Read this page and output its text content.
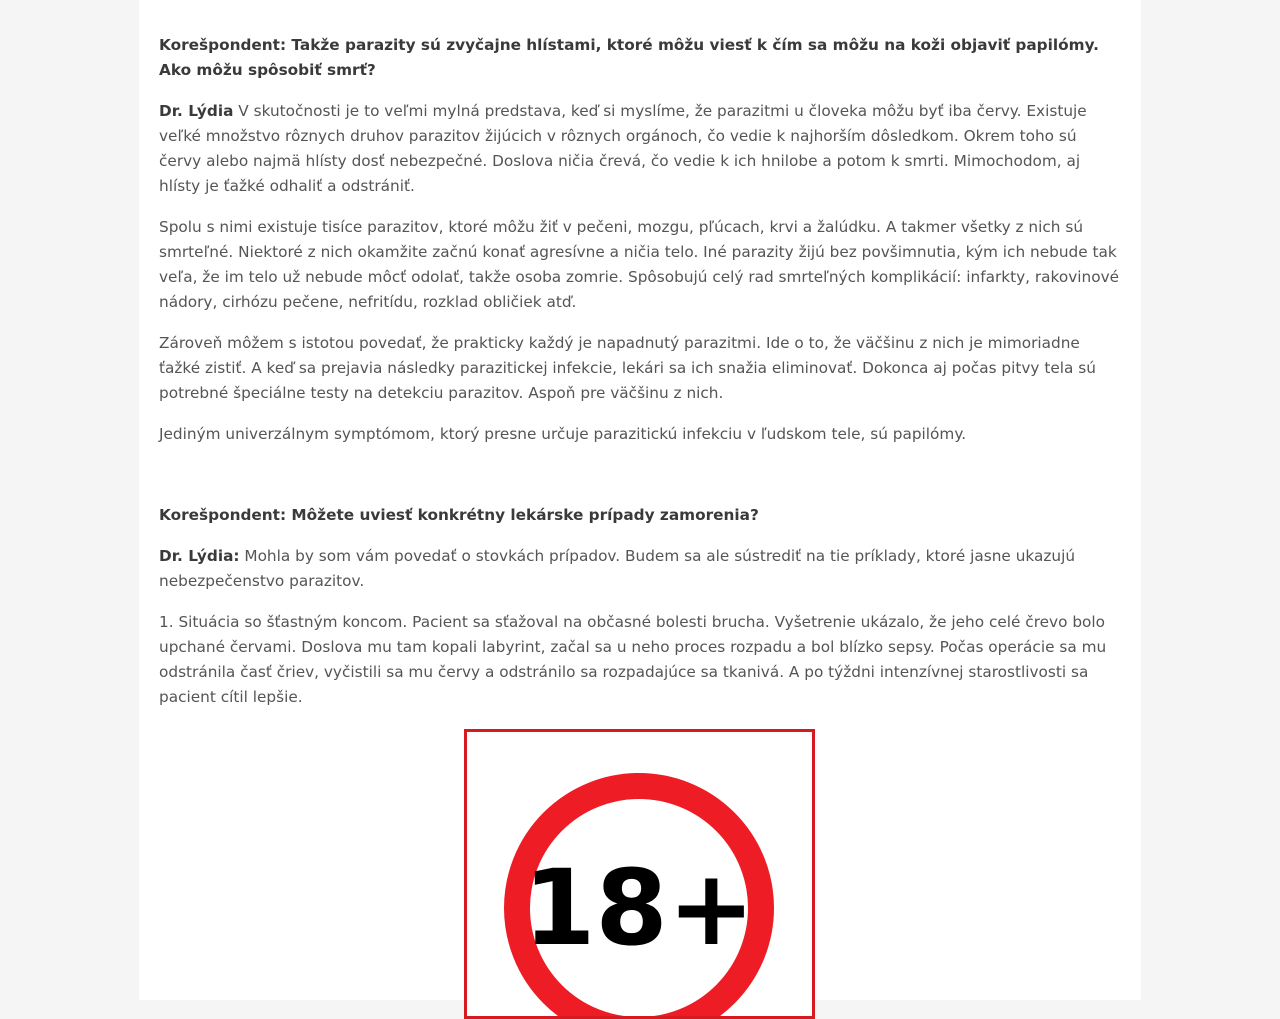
Korešpondent: Takže parazity sú zvyčajne hlístami, ktoré môžu viesť k čím sa môžu na koži objaviť papilómy. Ako môžu spôsobiť smrť?

Dr. Lýdia V skutočnosti je to veľmi mylná predstava, keď si myslíme, že parazitmi u človeka môžu byť iba červy. Existuje veľké množstvo rôznych druhov parazitov žijúcich v rôznych orgánoch, čo vedie k najhorším dôsledkom. Okrem toho sú červy alebo najmä hlísty dosť nebezpečné. Doslova ničia črevá, čo vedie k ich hnilobe a potom k smrti. Mimochodom, aj hlísty je ťažké odhaliť a odstrániť.

Spolu s nimi existuje tisíce parazitov, ktoré môžu žiť v pečeni, mozgu, pľúcach, krvi a žalúdku. A takmer všetky z nich sú smrteľné. Niektoré z nich okamžite začnú konať agresívne a ničia telo. Iné parazity žijú bez povšimnutia, kým ich nebude tak veľa, že im telo už nebude môcť odolať, takže osoba zomrie. Spôsobujú celý rad smrteľných komplikácií: infarkty, rakovinové nádory, cirhózu pečene, nefritídu, rozklad obličiek atď.

Zároveň môžem s istotou povedať, že prakticky každý je napadnutý parazitmi. Ide o to, že väčšinu z nich je mimoriadne ťažké zistiť. A keď sa prejavia následky parazitickej infekcie, lekári sa ich snažia eliminovať. Dokonca aj počas pitvy tela sú potrebné špeciálne testy na detekciu parazitov. Aspoň pre väčšinu z nich.

Jediným univerzálnym symptómom, ktorý presne určuje parazitickú infekciu v ľudskom tele, sú papilómy.

Korešpondent: Môžete uviesť konkrétny lekárske prípady zamorenia?

Dr. Lýdia: Mohla by som vám povedať o stovkách prípadov. Budem sa ale sústrediť na tie príklady, ktoré jasne ukazujú nebezpečenstvo parazitov.

1. Situácia so šťastným koncom. Pacient sa sťažoval na občasné bolesti brucha. Vyšetrenie ukázalo, že jeho celé črevo bolo upchané červami. Doslova mu tam kopali labyrint, začal sa u neho proces rozpadu a bol blízko sepsy. Počas operácie sa mu odstránila časť čriev, vyčistili sa mu červy a odstránilo sa rozpadajúce sa tkanivá. A po týždni intenzívnej starostlivosti sa pacient cítil lepšie.

18+
